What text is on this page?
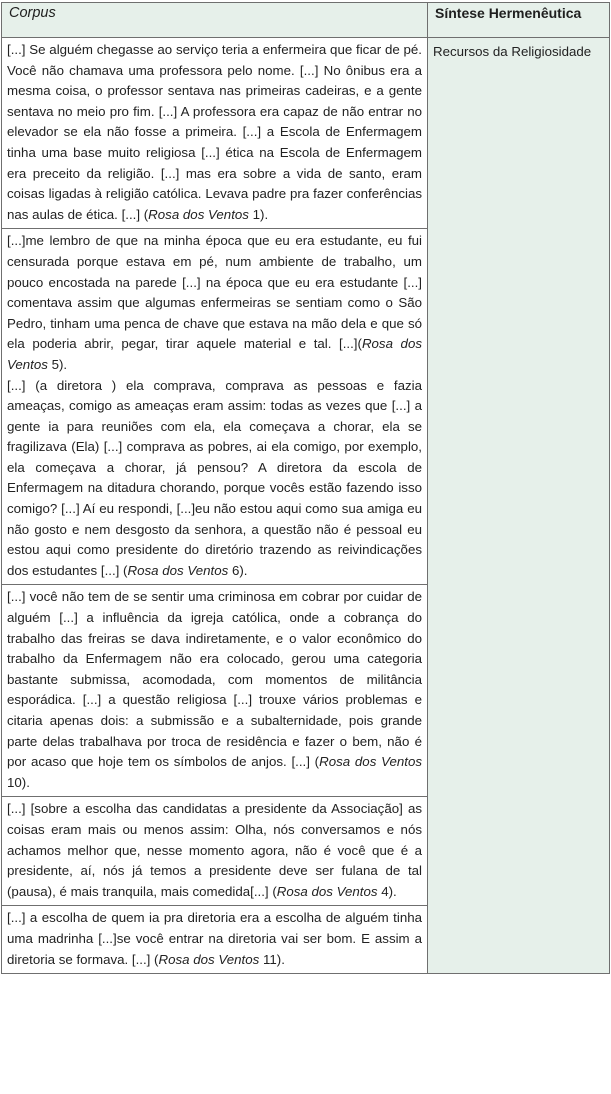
Corpus	Síntese Hermenêutica

[...] Se alguém chegasse ao serviço teria a enfermeira que ficar de pé. Você não chamava uma professora pelo nome. [...] No ônibus era a mesma coisa, o professor sentava nas primeiras cadeiras, e a gente sentava no meio pro fim. [...] A professora era capaz de não entrar no elevador se ela não fosse a primeira. [...] a Escola de Enfermagem tinha uma base muito religiosa [...] ética na Escola de Enfermagem era preceito da religião. [...] mas era sobre a vida de santo, eram coisas ligadas à religião católica. Levava padre pra fazer conferências nas aulas de ética. [...] (Rosa dos Ventos 1).	Recursos da Religiosidade

[...]me lembro de que na minha época que eu era estudante, eu fui censurada porque estava em pé, num ambiente de trabalho, um pouco encostada na parede [...] na época que eu era estudante [...] comentava assim que algumas enfermeiras se sentiam como o São Pedro, tinham uma penca de chave que estava na mão dela e que só ela poderia abrir, pegar, tirar aquele material e tal. [...](Rosa dos Ventos 5).
[...] (a diretora ) ela comprava, comprava as pessoas e fazia ameaças, comigo as ameaças eram assim: todas as vezes que [...] a gente ia para reuniões com ela, ela começava a chorar, ela se fragilizava (Ela) [...] comprava as pobres, ai ela comigo, por exemplo, ela começava a chorar, já pensou? A diretora da escola de Enfermagem na ditadura chorando, porque vocês estão fazendo isso comigo? [...] Aí eu respondi, [...]eu não estou aqui como sua amiga eu não gosto e nem desgosto da senhora, a questão não é pessoal eu estou aqui como presidente do diretório trazendo as reivindicações dos estudantes [...] (Rosa dos Ventos 6).	

[...] você não tem de se sentir uma criminosa em cobrar por cuidar de alguém [...] a influência da igreja católica, onde a cobrança do trabalho das freiras se dava indiretamente, e o valor econômico do trabalho da Enfermagem não era colocado, gerou uma categoria bastante submissa, acomodada, com momentos de militância esporádica. [...] a questão religiosa [...] trouxe vários problemas e citaria apenas dois: a submissão e a subalternidade, pois grande parte delas trabalhava por troca de residência e fazer o bem, não é por acaso que hoje tem os símbolos de anjos. [...] (Rosa dos Ventos 10).	

[...] [sobre a escolha das candidatas a presidente da Associação] as coisas eram mais ou menos assim: Olha, nós conversamos e nós achamos melhor que, nesse momento agora, não é você que é a presidente, aí, nós já temos a presidente deve ser fulana de tal (pausa), é mais tranquila, mais comedida[...] (Rosa dos Ventos 4).	

[...] a escolha de quem ia pra diretoria era a escolha de alguém tinha uma madrinha [...]se você entrar na diretoria vai ser bom. E assim a diretoria se formava. [...] (Rosa dos Ventos 11).	
